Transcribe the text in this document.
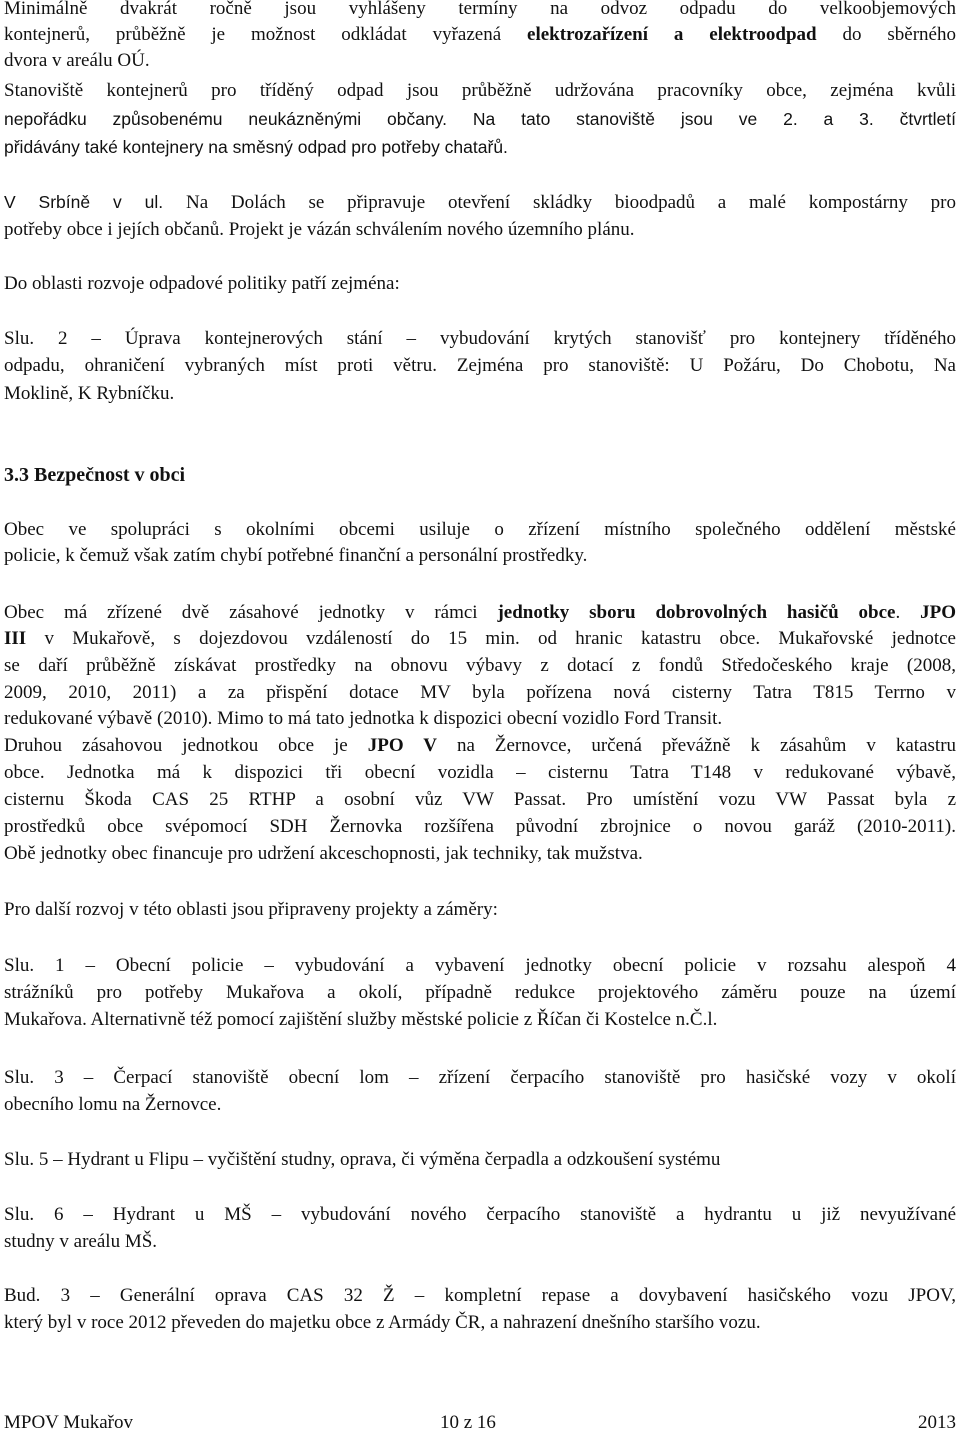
Minimálně dvakrát ročně jsou vyhlášeny termíny na odvoz odpadu do velkoobjemových
kontejnerů, průběžně je možnost odkládat vyřazená elektrozařízení a elektroodpad do sběrného
dvora v areálu OÚ.
Stanoviště kontejnerů pro tříděný odpad jsou průběžně udržována pracovníky obce, zejména kvůli
nepořádku způsobenému neukázněnými občany. Na tato stanoviště jsou ve 2. a 3. čtvrtletí
přidávány také kontejnery na směsný odpad pro potřeby chatařů.
V Srbíně v ul. Na Dolách se připravuje otevření skládky bioodpadů a malé kompostárny pro
potřeby obce i jejích občanů. Projekt je vázán schválením nového územního plánu.
Do oblasti rozvoje odpadové politiky patří zejména:
Slu. 2 – Úprava kontejnerových stání – vybudování krytých stanovišť pro kontejnery tříděného
odpadu, ohraničení vybraných míst proti větru. Zejména pro stanoviště: U Požáru, Do Chobotu, Na
Moklině, K Rybníčku.
3.3 Bezpečnost v obci
Obec ve spolupráci s okolními obcemi usiluje o zřízení místního společného oddělení městské
policie, k čemuž však zatím chybí potřebné finanční a personální prostředky.
Obec má zřízené dvě zásahové jednotky v rámci jednotky sboru dobrovolných hasičů obce. JPO
III v Mukařově, s dojezdovou vzdáleností do 15 min. od hranic katastru obce. Mukařovské jednotce
se daří průběžně získávat prostředky na obnovu výbavy z dotací z fondů Středočeského kraje (2008,
2009, 2010, 2011) a za přispění dotace MV byla pořízena nová cisterny Tatra T815 Terrno v
redukované výbavě (2010). Mimo to má tato jednotka k dispozici obecní vozidlo Ford Transit.
Druhou zásahovou jednotkou obce je JPO V na Žernovce, určená převážně k zásahům v katastru
obce. Jednotka má k dispozici tři obecní vozidla – cisternu Tatra T148 v redukované výbavě,
cisternu Škoda CAS 25 RTHP a osobní vůz VW Passat. Pro umístění vozu VW Passat byla z
prostředků obce svépomocí SDH Žernovka rozšířena původní zbrojnice o novou garáž (2010-2011).
Obě jednotky obec financuje pro udržení akceschopnosti, jak techniky, tak mužstva.
Pro další rozvoj v této oblasti jsou připraveny projekty a záměry:
Slu. 1 – Obecní policie – vybudování a vybavení jednotky obecní policie v rozsahu alespoň 4
strážníků pro potřeby Mukařova a okolí, případně redukce projektového záměru pouze na území
Mukařova. Alternativně též pomocí zajištění služby městské policie z Říčan či Kostelce n.Č.l.
Slu. 3 – Čerpací stanoviště obecní lom – zřízení čerpacího stanoviště pro hasičské vozy v okolí
obecního lomu na Žernovce.
Slu. 5 – Hydrant u Flipu – vyčištění studny, oprava, či výměna čerpadla a odzkoušení systému
Slu. 6 – Hydrant u MŠ – vybudování nového čerpacího stanoviště a hydrantu u již nevyužívané
studny v areálu MŠ.
Bud. 3 – Generální oprava CAS 32 Ž – kompletní repase a dovybavení hasičského vozu JPOV,
který byl v roce 2012 převeden do majetku obce z Armády ČR, a nahrazení dnešního staršího vozu.
MPOV Mukařov	10 z 16	2013
